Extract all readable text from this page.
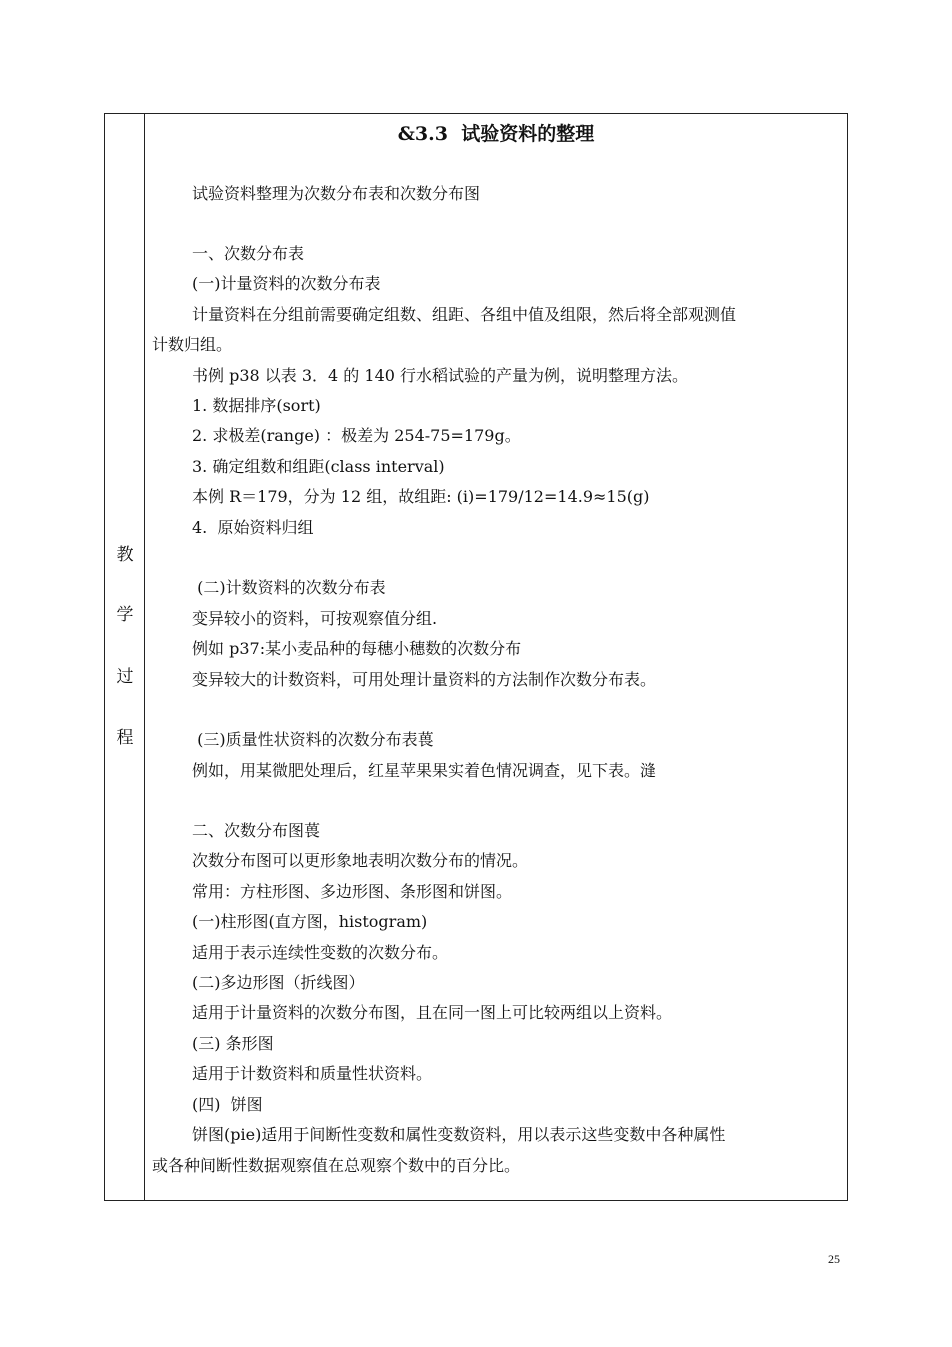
教
学
过
程
&3.3  试验资料的整理
试验资料整理为次数分布表和次数分布图
一、次数分布表
(一)计量资料的次数分布表
计量资料在分组前需要确定组数、组距、各组中值及组限，然后将全部观测值
计数归组。
书例 p38 以表 3．4 的 140 行水稻试验的产量为例，说明整理方法。
1. 数据排序(sort)
2. 求极差(range) ：极差为 254-75=179g。
3. 确定组数和组距(class interval)
本例 R＝179，分为 12 组，故组距: (i)=179/12=14.9≈15(g)
4.  原始资料归组
(二)计数资料的次数分布表
变异较小的资料，可按观察值分组.
例如 p37:某小麦品种的每穗小穗数的次数分布
变异较大的计数资料，可用处理计量资料的方法制作次数分布表。
(三)质量性状资料的次数分布表葨
例如，用某微肥处理后，红星苹果果实着色情况调查，见下表。漨
二、次数分布图葨
次数分布图可以更形象地表明次数分布的情况。
常用：方柱形图、多边形图、条形图和饼图。
(一)柱形图(直方图，histogram)
适用于表示连续性变数的次数分布。
(二)多边形图（折线图）
适用于计量资料的次数分布图，且在同一图上可比较两组以上资料。
(三) 条形图
适用于计数资料和质量性状资料。
(四)  饼图
饼图(pie)适用于间断性变数和属性变数资料，用以表示这些变数中各种属性
或各种间断性数据观察值在总观察个数中的百分比。
25
